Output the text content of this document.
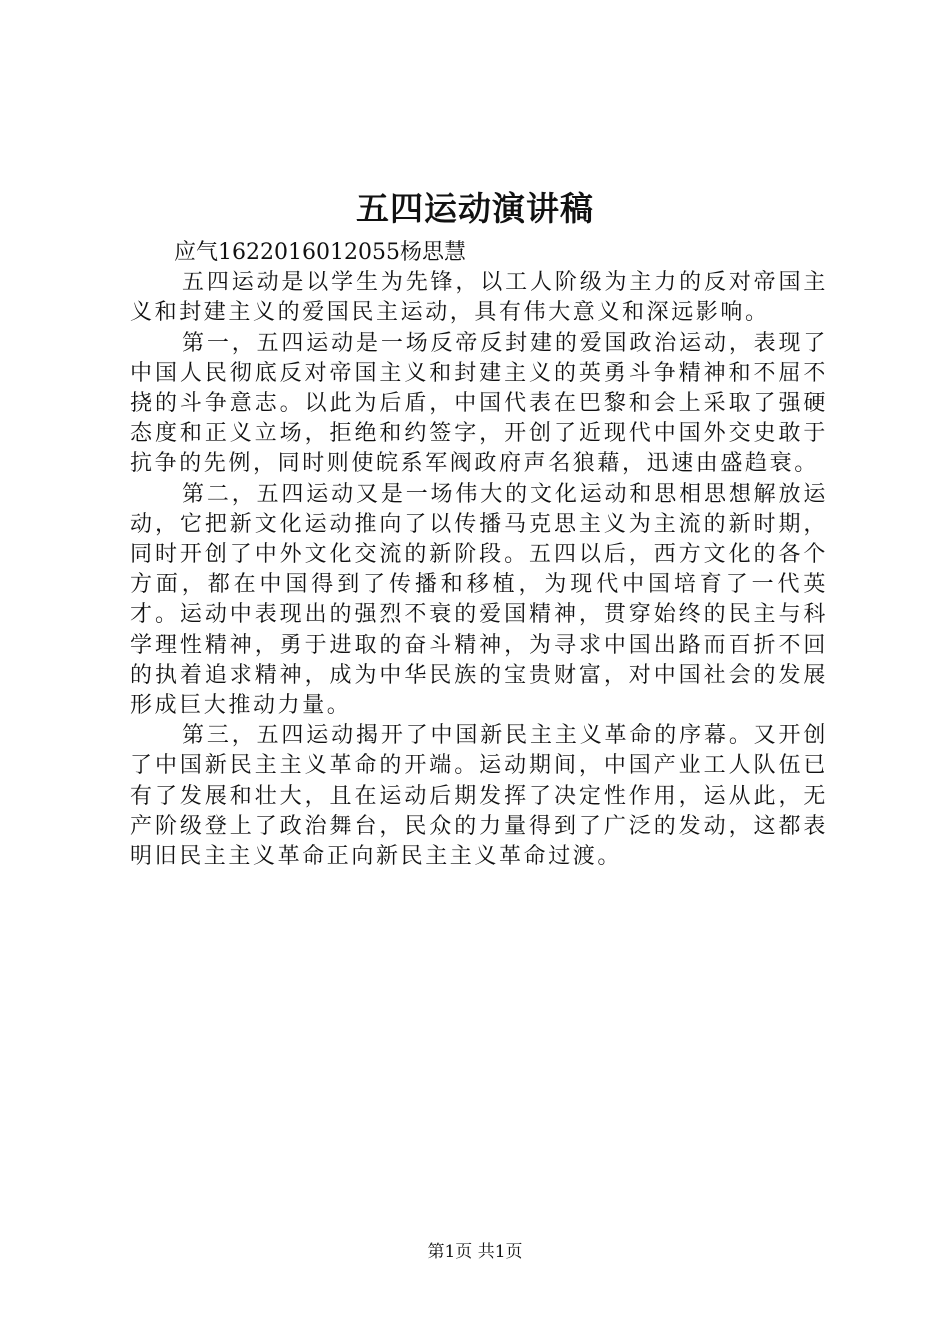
五四运动演讲稿

应气1622016012055杨思慧

五四运动是以学生为先锋，以工人阶级为主力的反对帝国主义和封建主义的爱国民主运动，具有伟大意义和深远影响。

第一，五四运动是一场反帝反封建的爱国政治运动，表现了中国人民彻底反对帝国主义和封建主义的英勇斗争精神和不屈不挠的斗争意志。以此为后盾，中国代表在巴黎和会上采取了强硬态度和正义立场，拒绝和约签字，开创了近现代中国外交史敢于抗争的先例，同时则使皖系军阀政府声名狼藉，迅速由盛趋衰。

第二，五四运动又是一场伟大的文化运动和思相思想解放运动，它把新文化运动推向了以传播马克思主义为主流的新时期，同时开创了中外文化交流的新阶段。五四以后，西方文化的各个方面，都在中国得到了传播和移植，为现代中国培育了一代英才。运动中表现出的强烈不衰的爱国精神，贯穿始终的民主与科学理性精神，勇于进取的奋斗精神，为寻求中国出路而百折不回的执着追求精神，成为中华民族的宝贵财富，对中国社会的发展形成巨大推动力量。

第三，五四运动揭开了中国新民主主义革命的序幕。又开创了中国新民主主义革命的开端。运动期间，中国产业工人队伍已有了发展和壮大，且在运动后期发挥了决定性作用，运从此，无产阶级登上了政治舞台，民众的力量得到了广泛的发动，这都表明旧民主主义革命正向新民主主义革命过渡。

第1页 共1页
